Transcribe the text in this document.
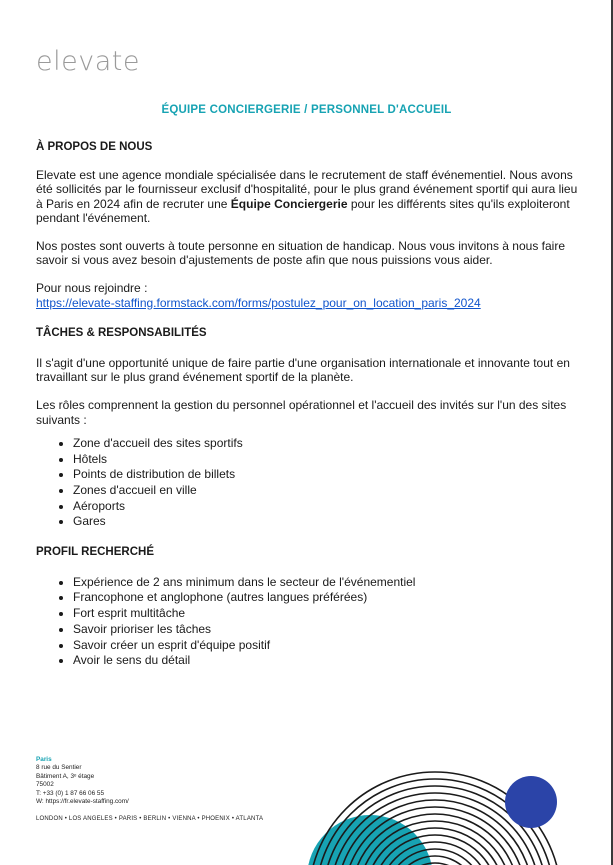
elevate
ÉQUIPE CONCIERGERIE / PERSONNEL D'ACCUEIL
À PROPOS DE NOUS

Elevate est une agence mondiale spécialisée dans le recrutement de staff événementiel. Nous avons été sollicités par le fournisseur exclusif d'hospitalité, pour le plus grand événement sportif qui aura lieu à Paris en 2024 afin de recruter une Équipe Conciergerie pour les différents sites qu'ils exploiteront pendant l'événement.

Nos postes sont ouverts à toute personne en situation de handicap. Nous vous invitons à nous faire savoir si vous avez besoin d'ajustements de poste afin que nous puissions vous aider.

Pour nous rejoindre :
https://elevate-staffing.formstack.com/forms/postulez_pour_on_location_paris_2024

TÂCHES & RESPONSABILITÉS

Il s'agit d'une opportunité unique de faire partie d'une organisation internationale et innovante tout en travaillant sur le plus grand événement sportif de la planète.

Les rôles comprennent la gestion du personnel opérationnel et l'accueil des invités sur l'un des sites suivants :

• Zone d'accueil des sites sportifs
• Hôtels
• Points de distribution de billets
• Zones d'accueil en ville
• Aéroports
• Gares
PROFIL RECHERCHÉ
• Expérience de 2 ans minimum dans le secteur de l'événementiel
• Francophone et anglophone (autres langues préférées)
• Fort esprit multitâche
• Savoir prioriser les tâches
• Savoir créer un esprit d'équipe positif
• Avoir le sens du détail
Paris
8 rue du Sentier
Bâtiment A, 3ᵉ étage
75002
T: +33 (0) 1 87 66 06 55
W: https://fr.elevate-staffing.com/
LONDON • LOS ANGELES • PARIS • BERLIN • VIENNA • PHOENIX • ATLANTA
